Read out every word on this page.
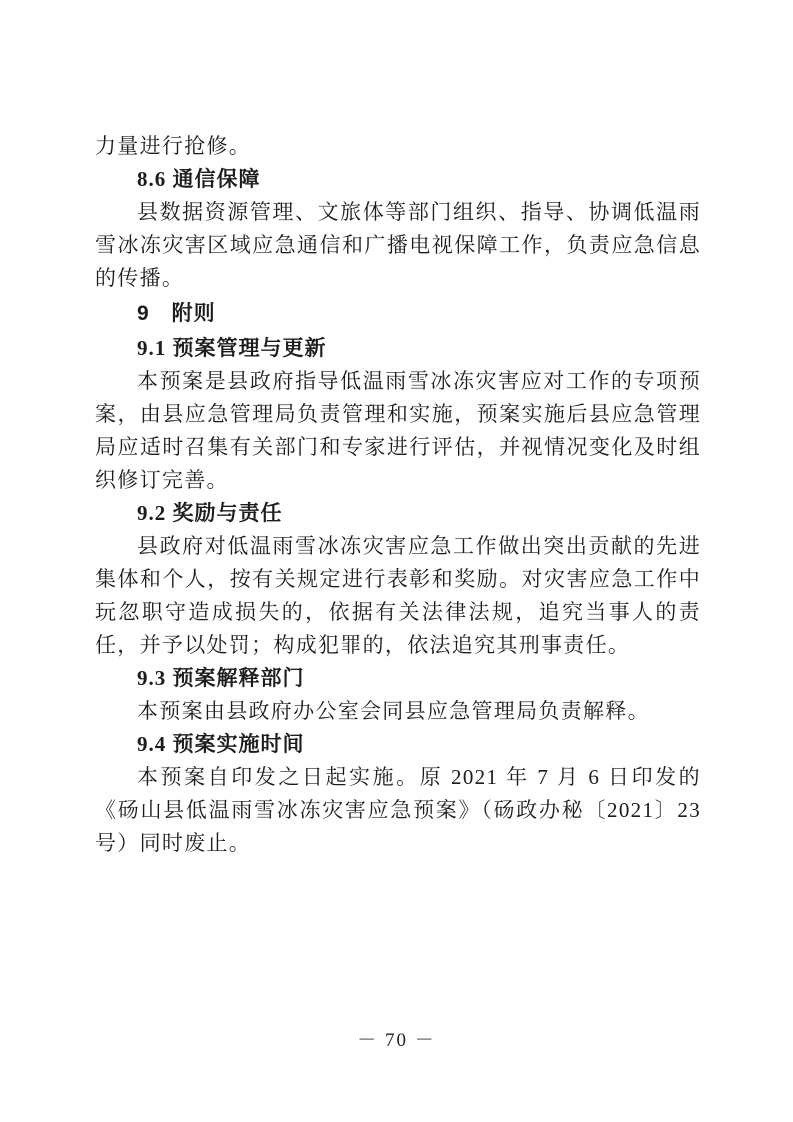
力量进行抢修。

8.6 通信保障

县数据资源管理、文旅体等部门组织、指导、协调低温雨雪冰冻灾害区域应急通信和广播电视保障工作，负责应急信息的传播。

9　附则

9.1 预案管理与更新

本预案是县政府指导低温雨雪冰冻灾害应对工作的专项预案，由县应急管理局负责管理和实施，预案实施后县应急管理局应适时召集有关部门和专家进行评估，并视情况变化及时组织修订完善。

9.2 奖励与责任

县政府对低温雨雪冰冻灾害应急工作做出突出贡献的先进集体和个人，按有关规定进行表彰和奖励。对灾害应急工作中玩忽职守造成损失的，依据有关法律法规，追究当事人的责任，并予以处罚；构成犯罪的，依法追究其刑事责任。

9.3 预案解释部门

本预案由县政府办公室会同县应急管理局负责解释。

9.4 预案实施时间

本预案自印发之日起实施。原 2021 年 7 月 6 日印发的《砀山县低温雨雪冰冻灾害应急预案》（砀政办秘〔2021〕23 号）同时废止。

－ 70 －
